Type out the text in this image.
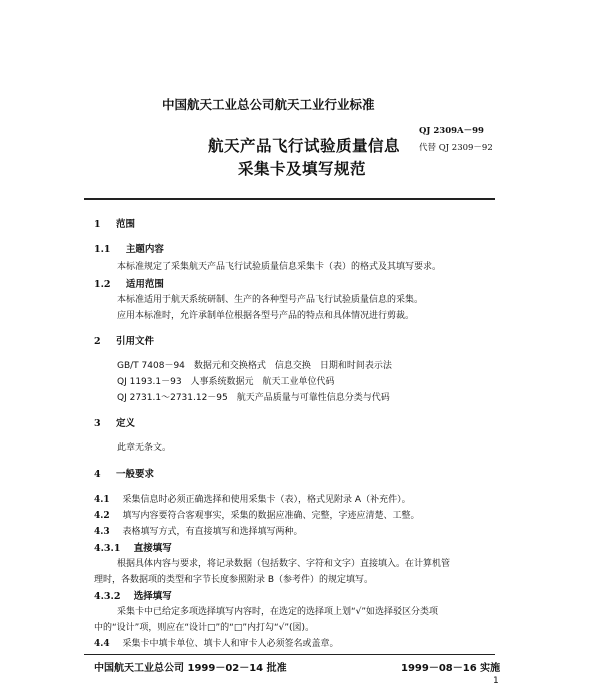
中国航天工业总公司航天工业行业标准
QJ 2309A－99
代替 QJ 2309－92
航天产品飞行试验质量信息
采集卡及填写规范
1 范围
1.1 主题内容
本标准规定了采集航天产品飞行试验质量信息采集卡（表）的格式及其填写要求。
1.2 适用范围
本标准适用于航天系统研制、生产的各种型号产品飞行试验质量信息的采集。
应用本标准时，允许承制单位根据各型号产品的特点和具体情况进行剪裁。
2 引用文件
GB/T 7408－94　数据元和交换格式　信息交换　日期和时间表示法
QJ 1193.1－93　人事系统数据元　航天工业单位代码
QJ 2731.1～2731.12－95　航天产品质量与可靠性信息分类与代码
3 定义
此章无条文。
4 一般要求
4.1 采集信息时必须正确选择和使用采集卡（表），格式见附录 A（补充件）。
4.2 填写内容要符合客观事实，采集的数据应准确、完整，字迹应清楚、工整。
4.3 表格填写方式，有直接填写和选择填写两种。
4.3.1 直接填写
根据具体内容与要求，将记录数据（包括数字、字符和文字）直接填入。在计算机管
理时，各数据项的类型和字节长度参照附录 B（参考件）的规定填写。
4.3.2 选择填写
采集卡中已给定多项选择填写内容时，在选定的选择项上划“√”如选择驳区分类项
中的“设计”项，则应在“设计□”的“□”内打勾“√”(図)。
4.4 采集卡中填卡单位、填卡人和审卡人必须签名或盖章。
中国航天工业总公司 1999－02－14 批准	1999－08－16 实施
1
